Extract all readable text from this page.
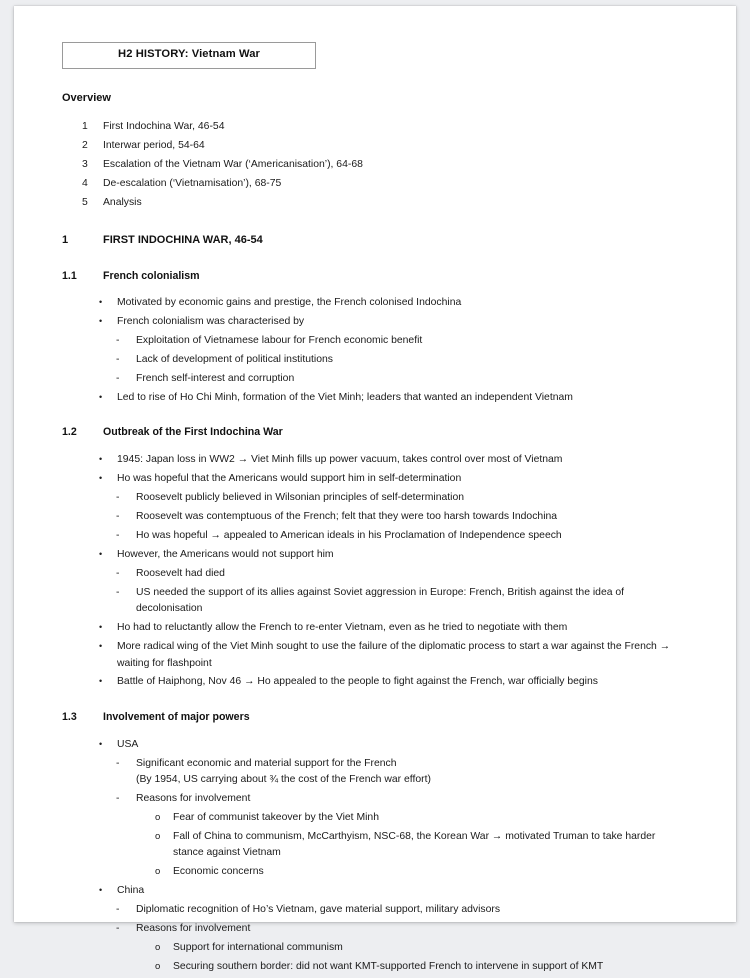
H2 HISTORY: Vietnam War
Overview
1	First Indochina War, 46-54
2	Interwar period, 54-64
3	Escalation of the Vietnam War (‘Americanisation’), 64-68
4	De-escalation (‘Vietnamisation’), 68-75
5	Analysis
1	FIRST INDOCHINA WAR, 46-54
1.1	French colonialism
•	Motivated by economic gains and prestige, the French colonised Indochina
•	French colonialism was characterised by
-	Exploitation of Vietnamese labour for French economic benefit
-	Lack of development of political institutions
-	French self-interest and corruption
•	Led to rise of Ho Chi Minh, formation of the Viet Minh; leaders that wanted an independent Vietnam
1.2	Outbreak of the First Indochina War
•	1945: Japan loss in WW2 → Viet Minh fills up power vacuum, takes control over most of Vietnam
•	Ho was hopeful that the Americans would support him in self-determination
-	Roosevelt publicly believed in Wilsonian principles of self-determination
-	Roosevelt was contemptuous of the French; felt that they were too harsh towards Indochina
-	Ho was hopeful → appealed to American ideals in his Proclamation of Independence speech
•	However, the Americans would not support him
-	Roosevelt had died
-	US needed the support of its allies against Soviet aggression in Europe: French, British against the idea of decolonisation
•	Ho had to reluctantly allow the French to re-enter Vietnam, even as he tried to negotiate with them
•	More radical wing of the Viet Minh sought to use the failure of the diplomatic process to start a war against the French → waiting for flashpoint
•	Battle of Haiphong, Nov 46 → Ho appealed to the people to fight against the French, war officially begins
1.3	Involvement of major powers
•	USA
-	Significant economic and material support for the French
(By 1954, US carrying about ¾ the cost of the French war effort)
-	Reasons for involvement
o	Fear of communist takeover by the Viet Minh
o	Fall of China to communism, McCarthyism, NSC-68, the Korean War → motivated Truman to take harder stance against Vietnam
o	Economic concerns
•	China
-	Diplomatic recognition of Ho’s Vietnam, gave material support, military advisors
-	Reasons for involvement
o	Support for international communism
o	Securing southern border: did not want KMT-supported French to intervene in support of KMT
